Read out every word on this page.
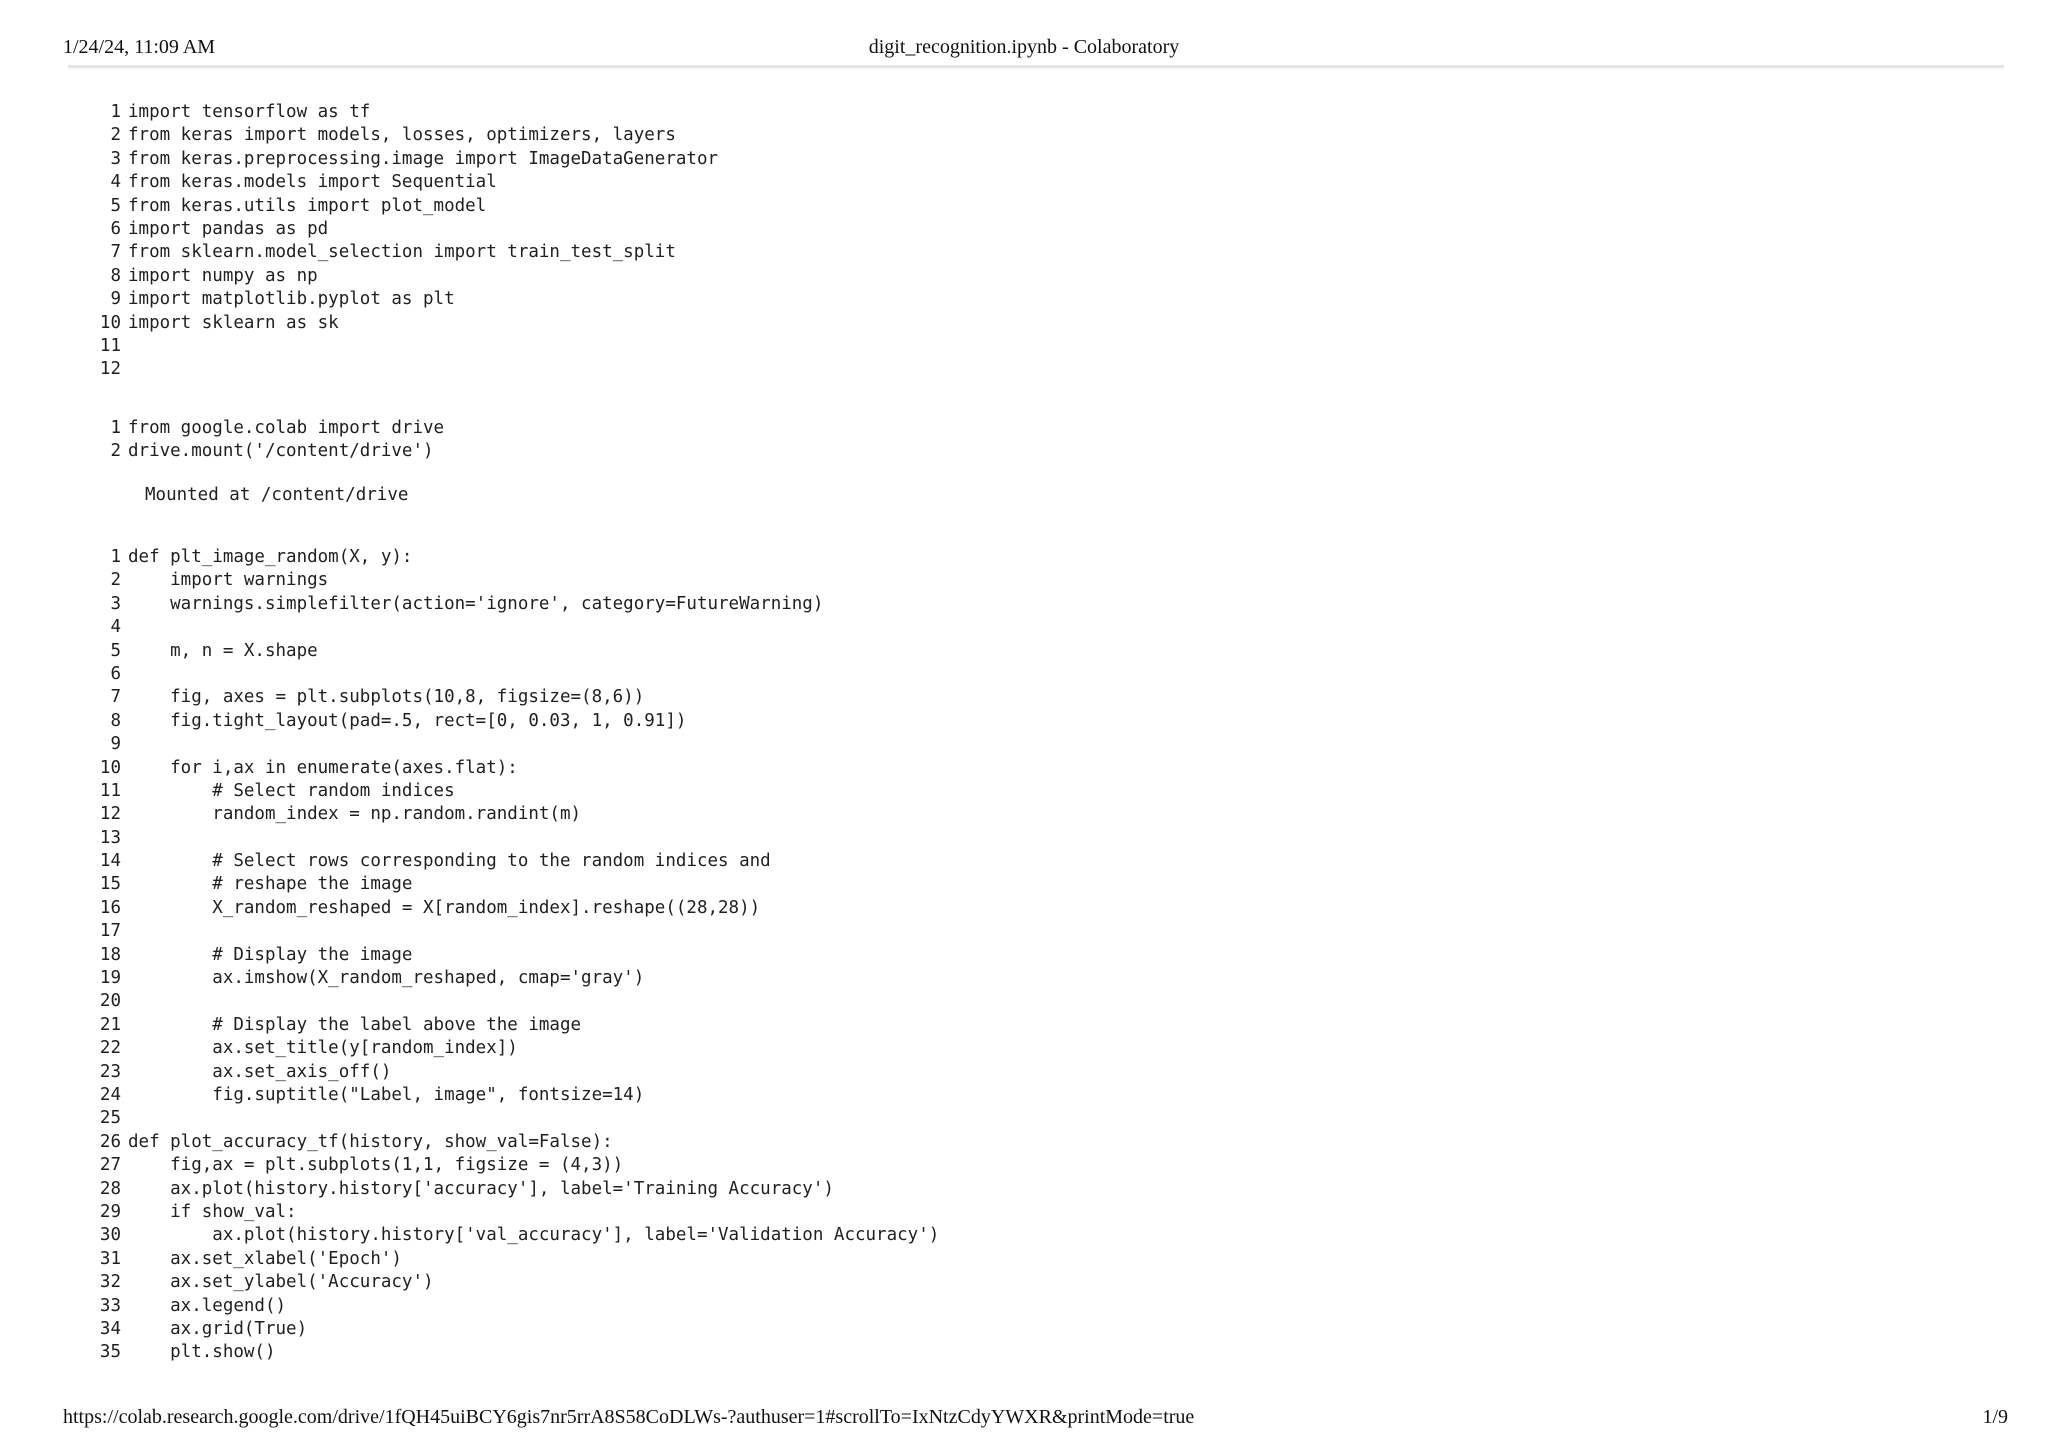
1/24/24, 11:09 AM	digit_recognition.ipynb - Colaboratory
1 import tensorflow as tf
2 from keras import models, losses, optimizers, layers
3 from keras.preprocessing.image import ImageDataGenerator
4 from keras.models import Sequential
5 from keras.utils import plot_model
6 import pandas as pd
7 from sklearn.model_selection import train_test_split
8 import numpy as np
9 import matplotlib.pyplot as plt
10 import sklearn as sk
11
12
1 from google.colab import drive
2 drive.mount('/content/drive')
Mounted at /content/drive
1 def plt_image_random(X, y):
2 import warnings
3 warnings.simplefilter(action='ignore', category=FutureWarning)
4
5 m, n = X.shape
6
7 fig, axes = plt.subplots(10,8, figsize=(8,6))
8 fig.tight_layout(pad=.5, rect=[0, 0.03, 1, 0.91])
9
10 for i,ax in enumerate(axes.flat):
11 # Select random indices
12 random_index = np.random.randint(m)
13
14 # Select rows corresponding to the random indices and
15 # reshape the image
16 X_random_reshaped = X[random_index].reshape((28,28))
17
18 # Display the image
19 ax.imshow(X_random_reshaped, cmap='gray')
20
21 # Display the label above the image
22 ax.set_title(y[random_index])
23 ax.set_axis_off()
24 fig.suptitle("Label, image", fontsize=14)
25
26 def plot_accuracy_tf(history, show_val=False):
27 fig,ax = plt.subplots(1,1, figsize = (4,3))
28 ax.plot(history.history['accuracy'], label='Training Accuracy')
29 if show_val:
30 ax.plot(history.history['val_accuracy'], label='Validation Accuracy')
31 ax.set_xlabel('Epoch')
32 ax.set_ylabel('Accuracy')
33 ax.legend()
34 ax.grid(True)
35 plt.show()
https://colab.research.google.com/drive/1fQH45uiBCY6gis7nr5rrA8S58CoDLWs-?authuser=1#scrollTo=IxNtzCdyYWXR&printMode=true	1/9
